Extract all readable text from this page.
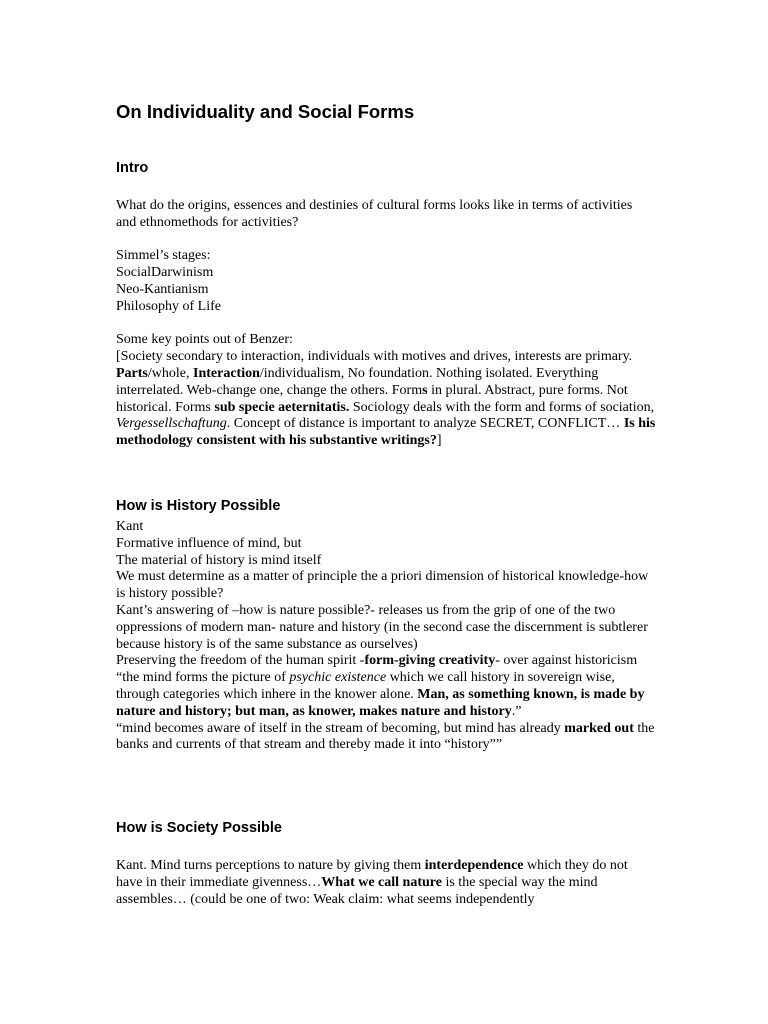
On Individuality and Social Forms
Intro

What do the origins, essences and destinies of cultural forms looks like in terms of activities and ethnomethods for activities?

Simmel’s stages:

SocialDarwinism

Neo-Kantianism

Philosophy of Life

Some key points out of Benzer:

[Society secondary to interaction, individuals with motives and drives, interests are primary. Parts/whole, Interaction/individualism, No foundation. Nothing isolated. Everything interrelated. Web-change one, change the others. Forms in plural. Abstract, pure forms. Not historical. Forms sub specie aeternitatis. Sociology deals with the form and forms of sociation, Vergessellschaftung. Concept of distance is important to analyze SECRET, CONFLICT… Is his methodology consistent with his substantive writings?]

How is History Possible

Kant

Formative influence of mind, but

The material of history is mind itself

We must determine as a matter of principle the a priori dimension of historical knowledge-how is history possible?

Kant’s answering of –how is nature possible?- releases us from the grip of one of the two oppressions of modern man- nature and history (in the second case the discernment is subtlerer because history is of the same substance as ourselves)

Preserving the freedom of the human spirit -form-giving creativity- over against historicism

“the mind forms the picture of psychic existence which we call history in sovereign wise, through categories which inhere in the knower alone. Man, as something known, is made by nature and history; but man, as knower, makes nature and history.”

“mind becomes aware of itself in the stream of becoming, but mind has already marked out the banks and currents of that stream and thereby made it into “history””

How is Society Possible

Kant. Mind turns perceptions to nature by giving them interdependence which they do not have in their immediate givenness…What we call nature is the special way the mind assembles… (could be one of two: Weak claim: what seems independently
